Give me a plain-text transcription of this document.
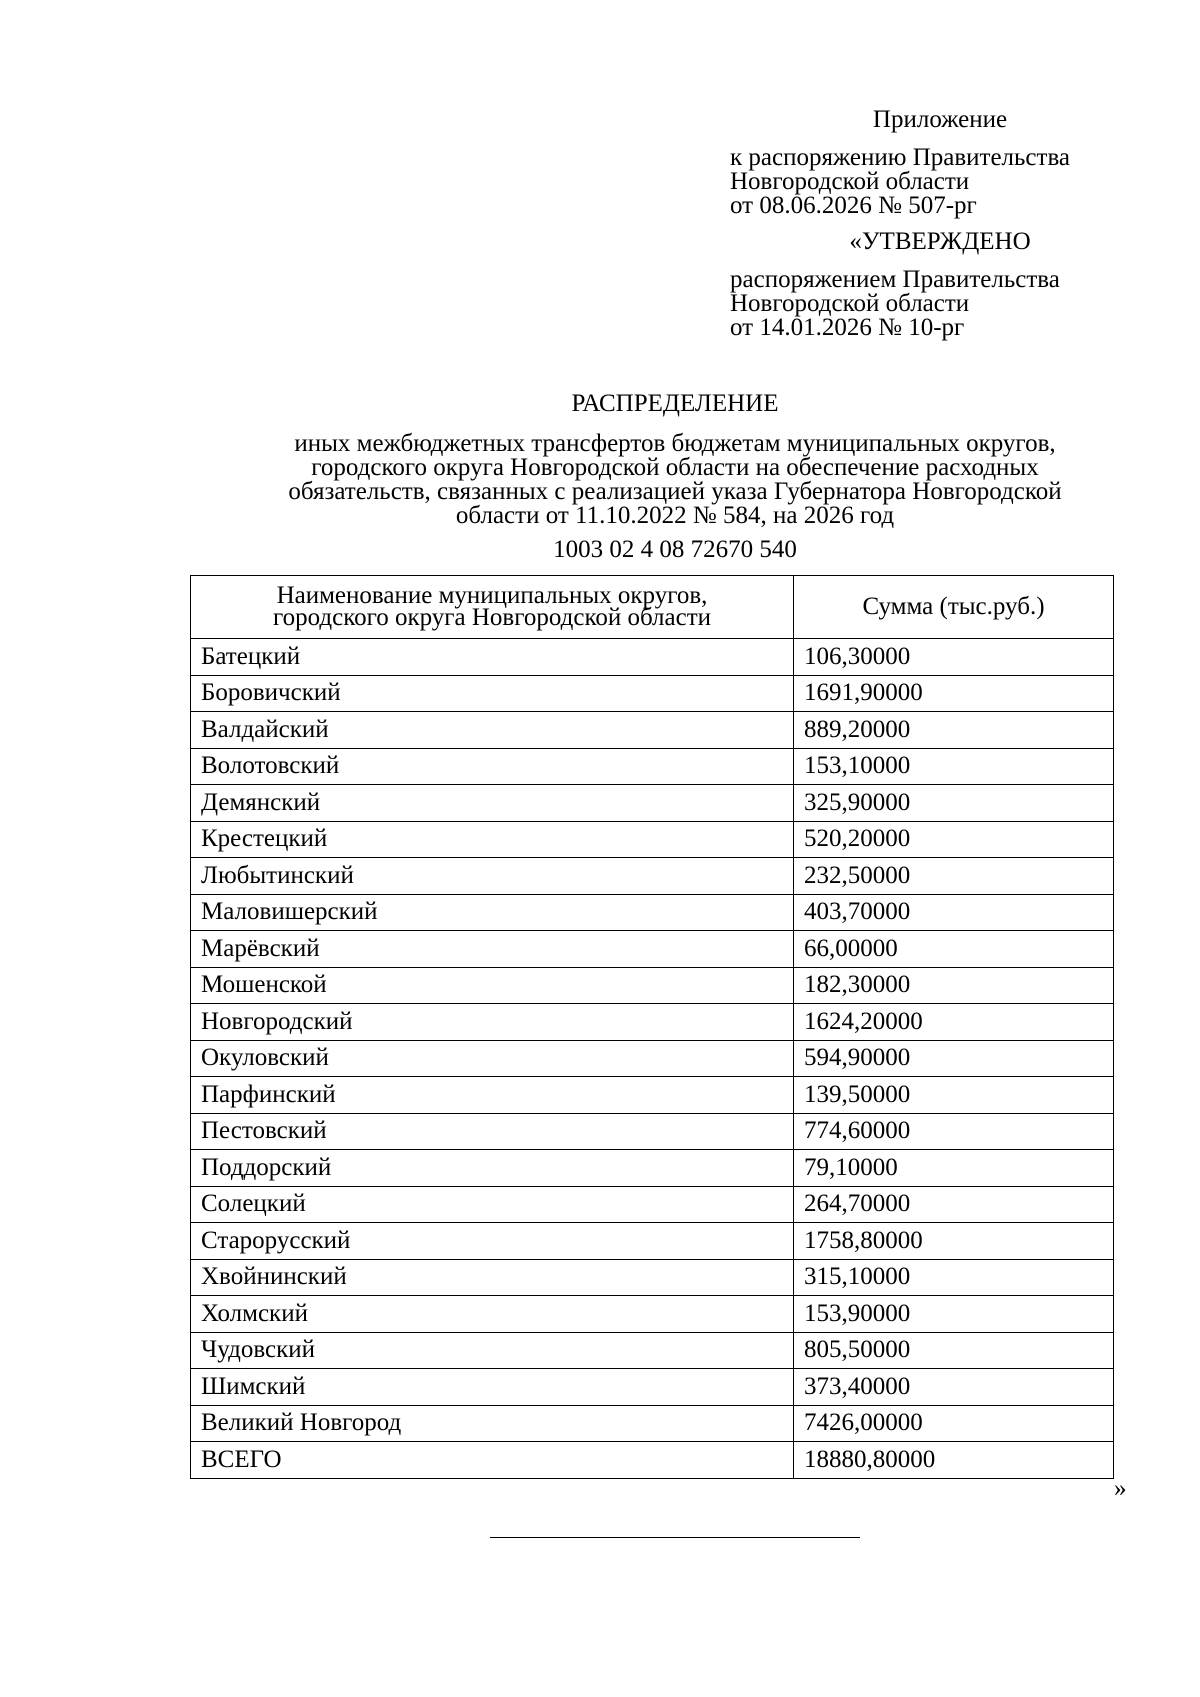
Приложение
к распоряжению Правительства
Новгородской области
от 08.06.2026 № 507-рг
«УТВЕРЖДЕНО
распоряжением Правительства
Новгородской области
от 14.01.2026 № 10-рг
РАСПРЕДЕЛЕНИЕ
иных межбюджетных трансфертов бюджетам муниципальных округов,
городского округа Новгородской области на обеспечение расходных
обязательств, связанных с реализацией указа Губернатора Новгородской
области от 11.10.2022 № 584, на 2026 год
1003 02 4 08 72670 540
Наименование муниципальных округов,
городского округа Новгородской области	Сумма (тыс.руб.)
Батецкий	106,30000
Боровичский	1691,90000
Валдайский	889,20000
Волотовский	153,10000
Демянский	325,90000
Крестецкий	520,20000
Любытинский	232,50000
Маловишерский	403,70000
Марёвский	66,00000
Мошенской	182,30000
Новгородский	1624,20000
Окуловский	594,90000
Парфинский	139,50000
Пестовский	774,60000
Поддорский	79,10000
Солецкий	264,70000
Старорусский	1758,80000
Хвойнинский	315,10000
Холмский	153,90000
Чудовский	805,50000
Шимский	373,40000
Великий Новгород	7426,00000
ВСЕГО	18880,80000
»
